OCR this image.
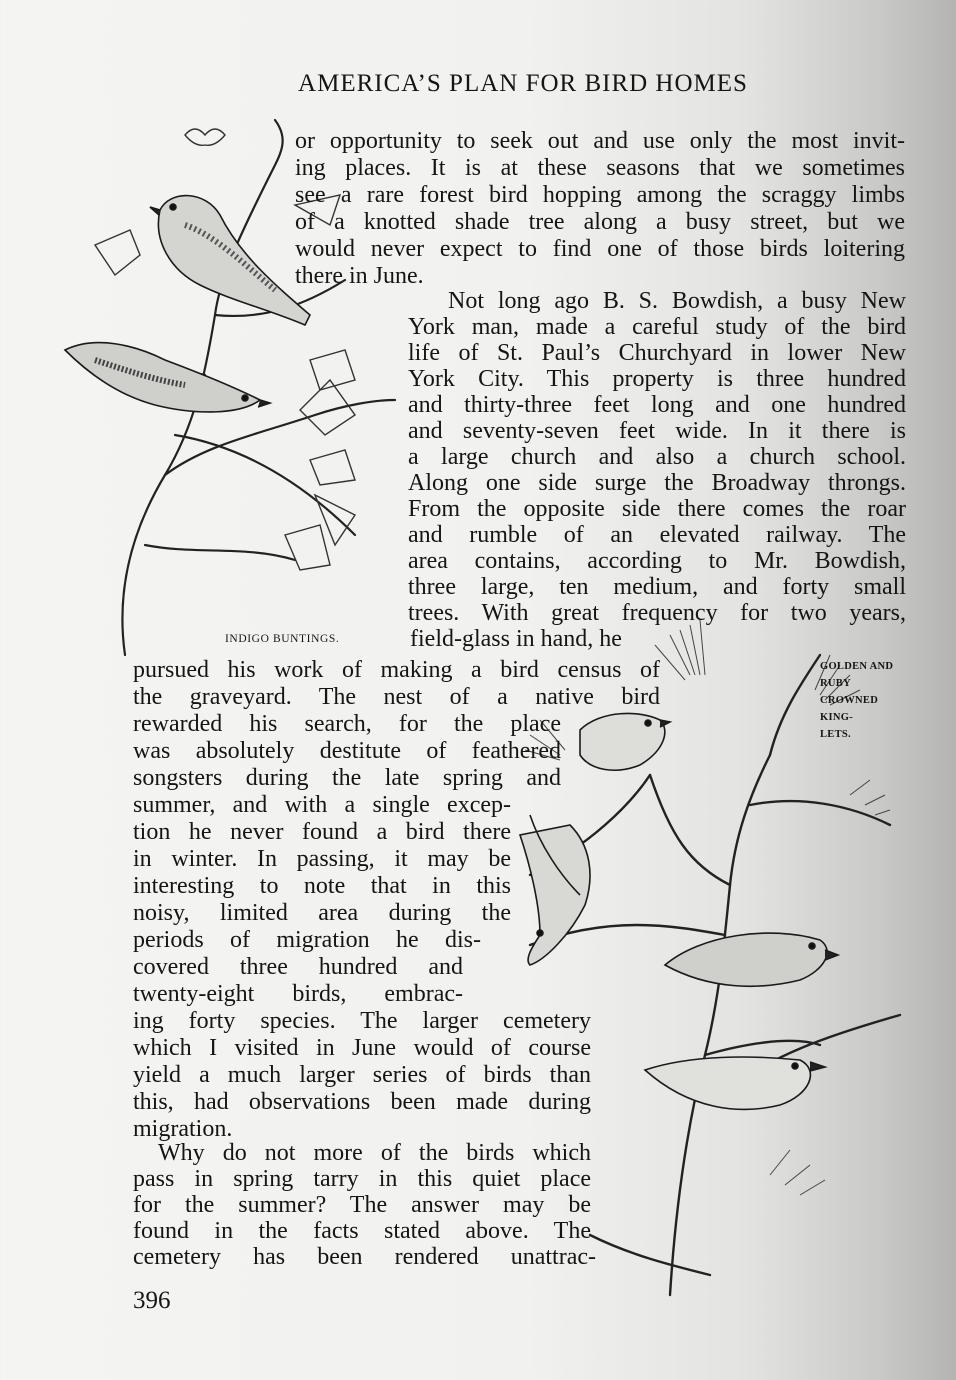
AMERICA’S PLAN FOR BIRD HOMES
INDIGO BUNTINGS.
GOLDEN AND
RUBY
CROWNED
KING-
LETS.
or opportunity to seek out and use only the most invit-
ing places. It is at these seasons that we sometimes
see a rare forest bird hopping among the scraggy limbs
of a knotted shade tree along a busy street, but we
would never expect to find one of those birds loitering
there in June.
Not long ago B. S. Bowdish, a busy New
York man, made a careful study of the bird
life of St. Paul’s Churchyard in lower New
York City. This property is three hundred
and thirty-three feet long and one hundred
and seventy-seven feet wide. In it there is
a large church and also a church school.
Along one side surge the Broadway throngs.
From the opposite side there comes the roar
and rumble of an elevated railway. The
area contains, according to Mr. Bowdish,
three large, ten medium, and forty small
trees. With great frequency for two years,
field-glass in hand, he
pursued his work of making a bird census of
the graveyard. The nest of a native bird
rewarded his search, for the place
was absolutely destitute of feathered
songsters during the late spring and
summer, and with a single excep-
tion he never found a bird there
in winter. In passing, it may be
interesting to note that in this
noisy, limited area during the
periods of migration he dis-
covered three hundred and
twenty-eight birds, embrac-
ing forty species. The larger cemetery
which I visited in June would of course
yield a much larger series of birds than
this, had observations been made during
migration.
Why do not more of the birds which
pass in spring tarry in this quiet place
for the summer? The answer may be
found in the facts stated above. The
cemetery has been rendered unattrac-
396
